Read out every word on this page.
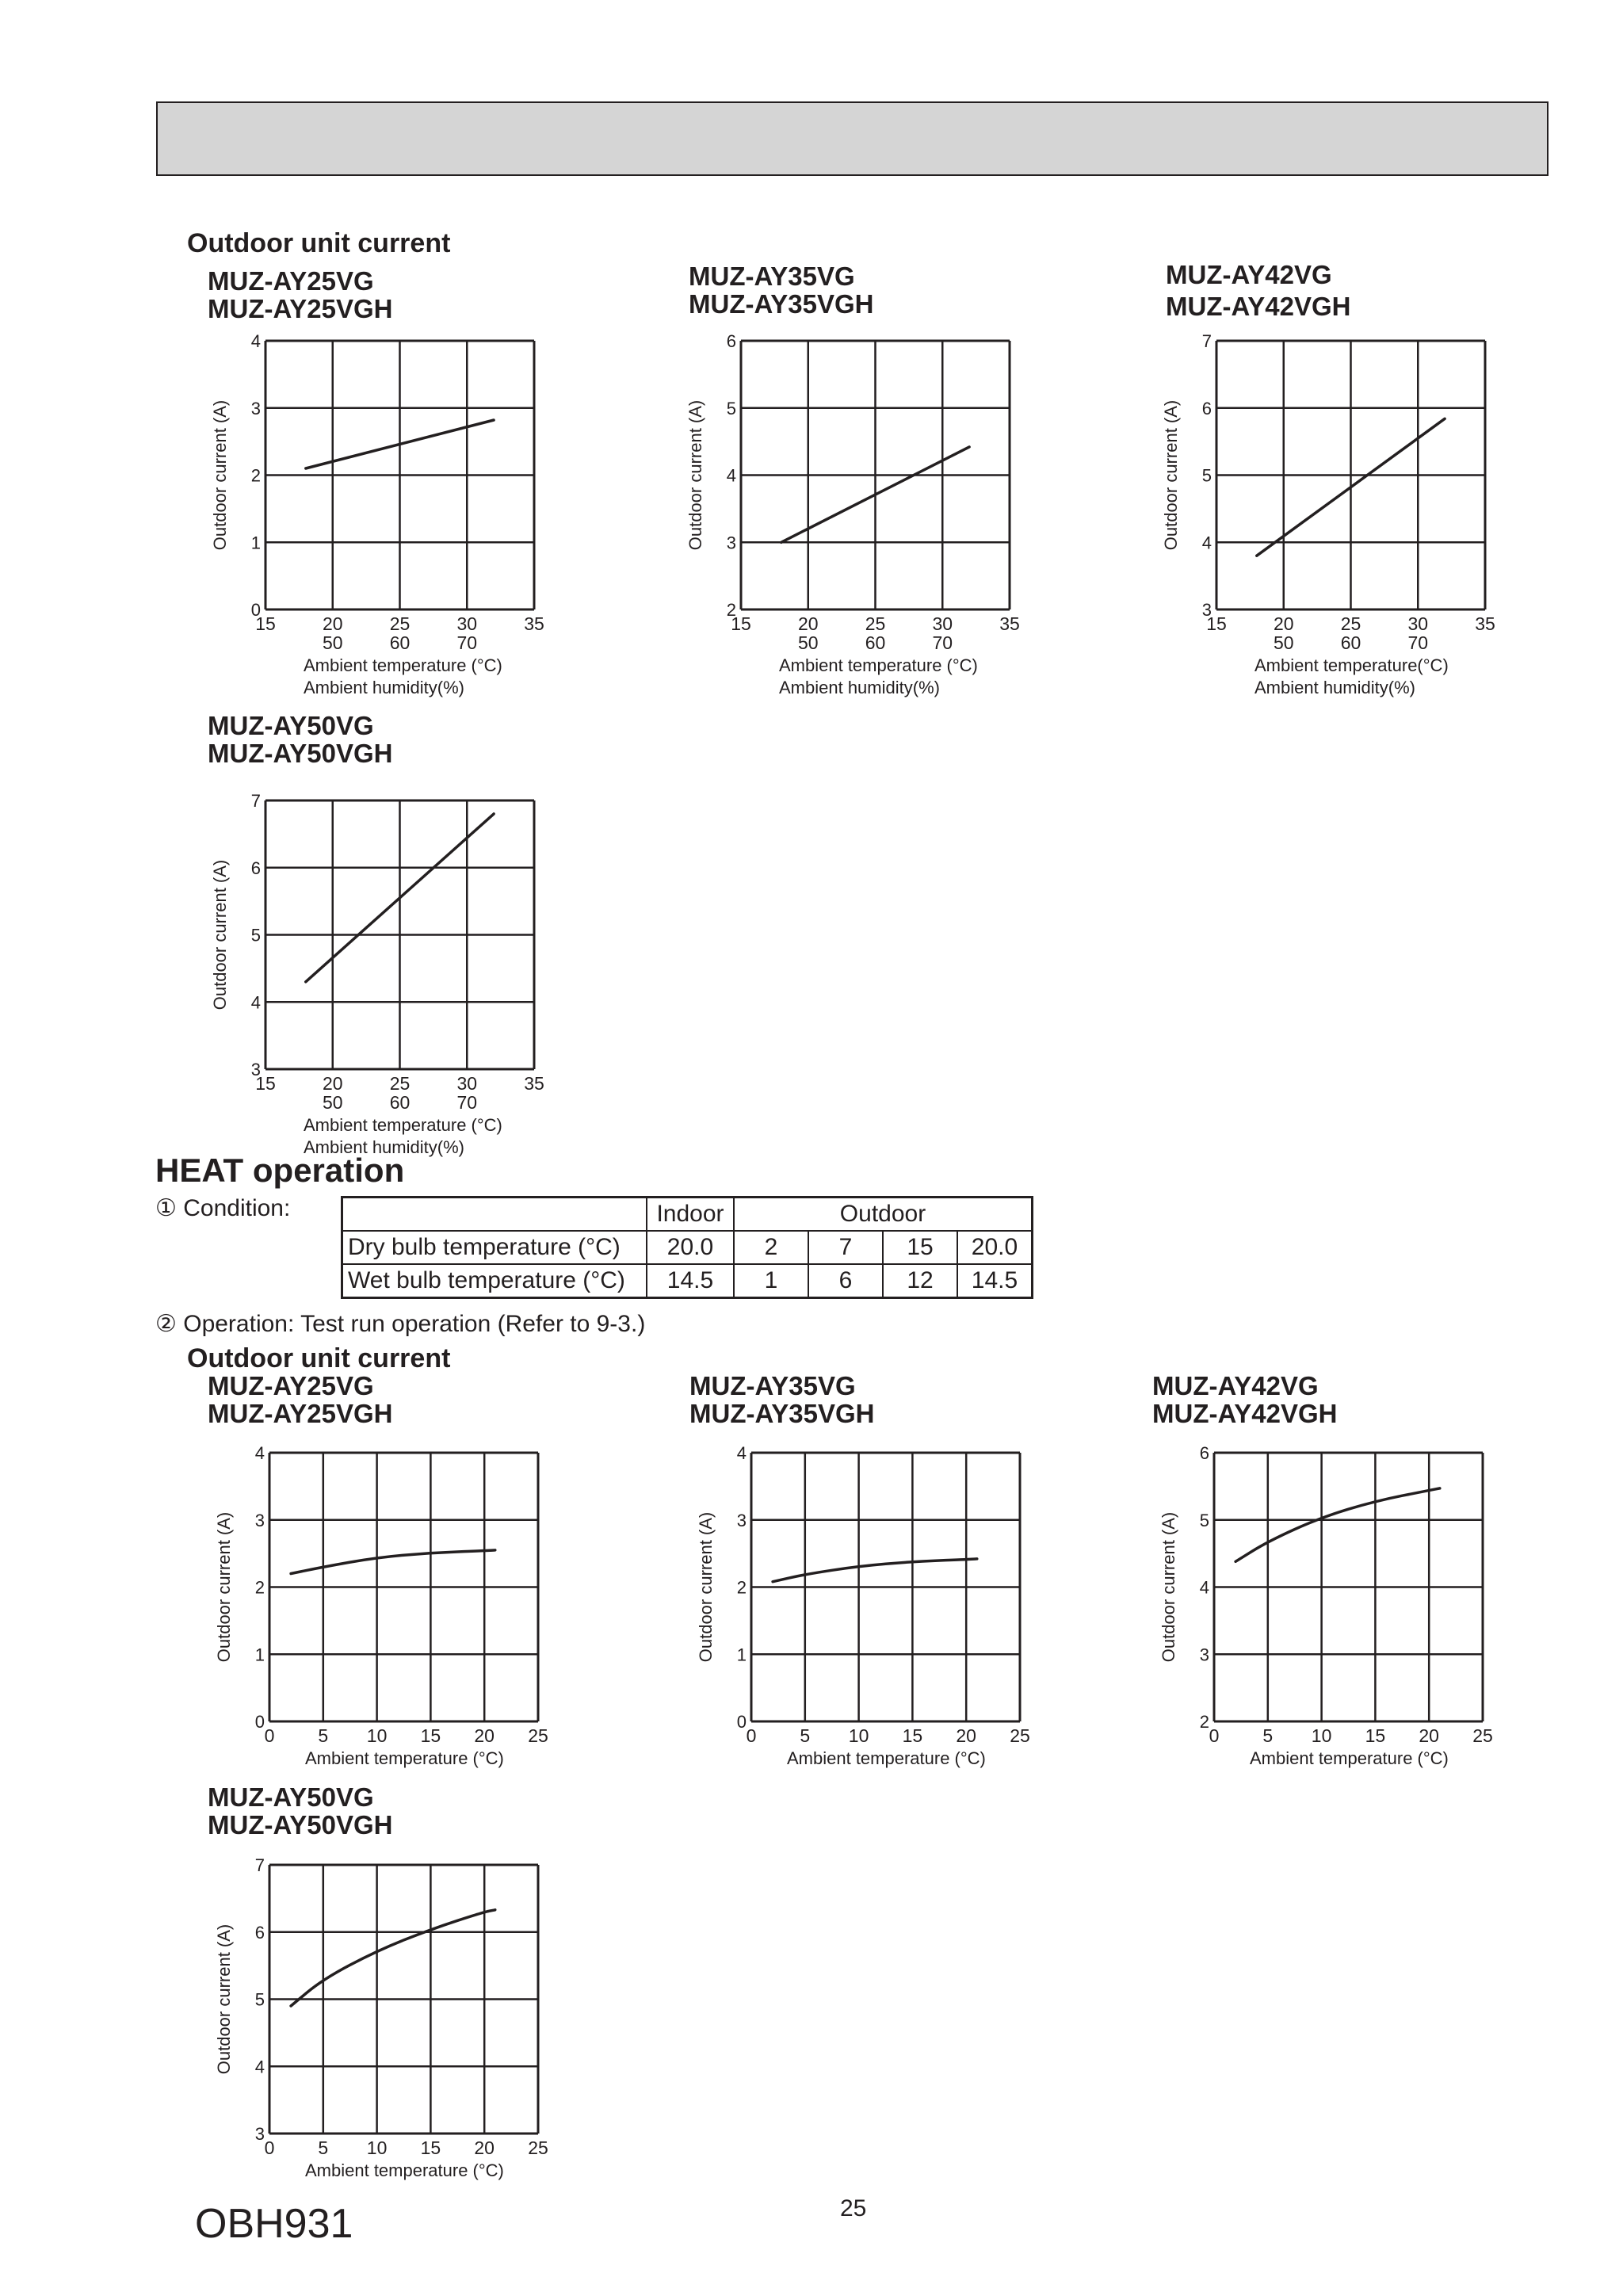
Outdoor unit current
MUZ-AY25VG
MUZ-AY25VGH
MUZ-AY35VG
MUZ-AY35VGH
MUZ-AY42VG
MUZ-AY42VGH
MUZ-AY50VG
MUZ-AY50VGH
0
1
2
3
4
15	20	25	30	35
50	60	70
Ambient temperature (°C)
Ambient humidity(%)
Outdoor current (A)
2
3
4
5
6
15	20	25	30	35
50	60	70
Ambient temperature (°C)
Ambient humidity(%)
Outdoor current (A)
3
4
5
6
7
15	20	25	30	35
50	60	70
Ambient temperature(°C)
Ambient humidity(%)
Outdoor current (A)
3
4
5
6
7
15	20	25	30	35
50	60	70
Ambient temperature (°C)
Ambient humidity(%)
Outdoor current (A)
HEAT operation
① Condition:
		Indoor	Outdoor			
Dry bulb temperature (°C)	20.0	2	7	15	20.0
Wet bulb temperature (°C)	14.5	1	6	12	14.5
② Operation: Test run operation (Refer to 9-3.)
Outdoor unit current
MUZ-AY25VG
MUZ-AY25VGH
MUZ-AY35VG
MUZ-AY35VGH
MUZ-AY42VG
MUZ-AY42VGH
MUZ-AY50VG
MUZ-AY50VGH
0
1
2
3
4
0 5 10 15 20 25
Ambient temperature (°C)
Outdoor current (A)
0
1
2
3
4
0 5 10 15 20 25
Ambient temperature (°C)
Outdoor current (A)
2
3
4
5
6
0 5 10 15 20 25
Ambient temperature (°C)
Outdoor current (A)
3
4
5
6
7
0 5 10 15 20 25
Ambient temperature (°C)
Outdoor current (A)
OBH931	25
